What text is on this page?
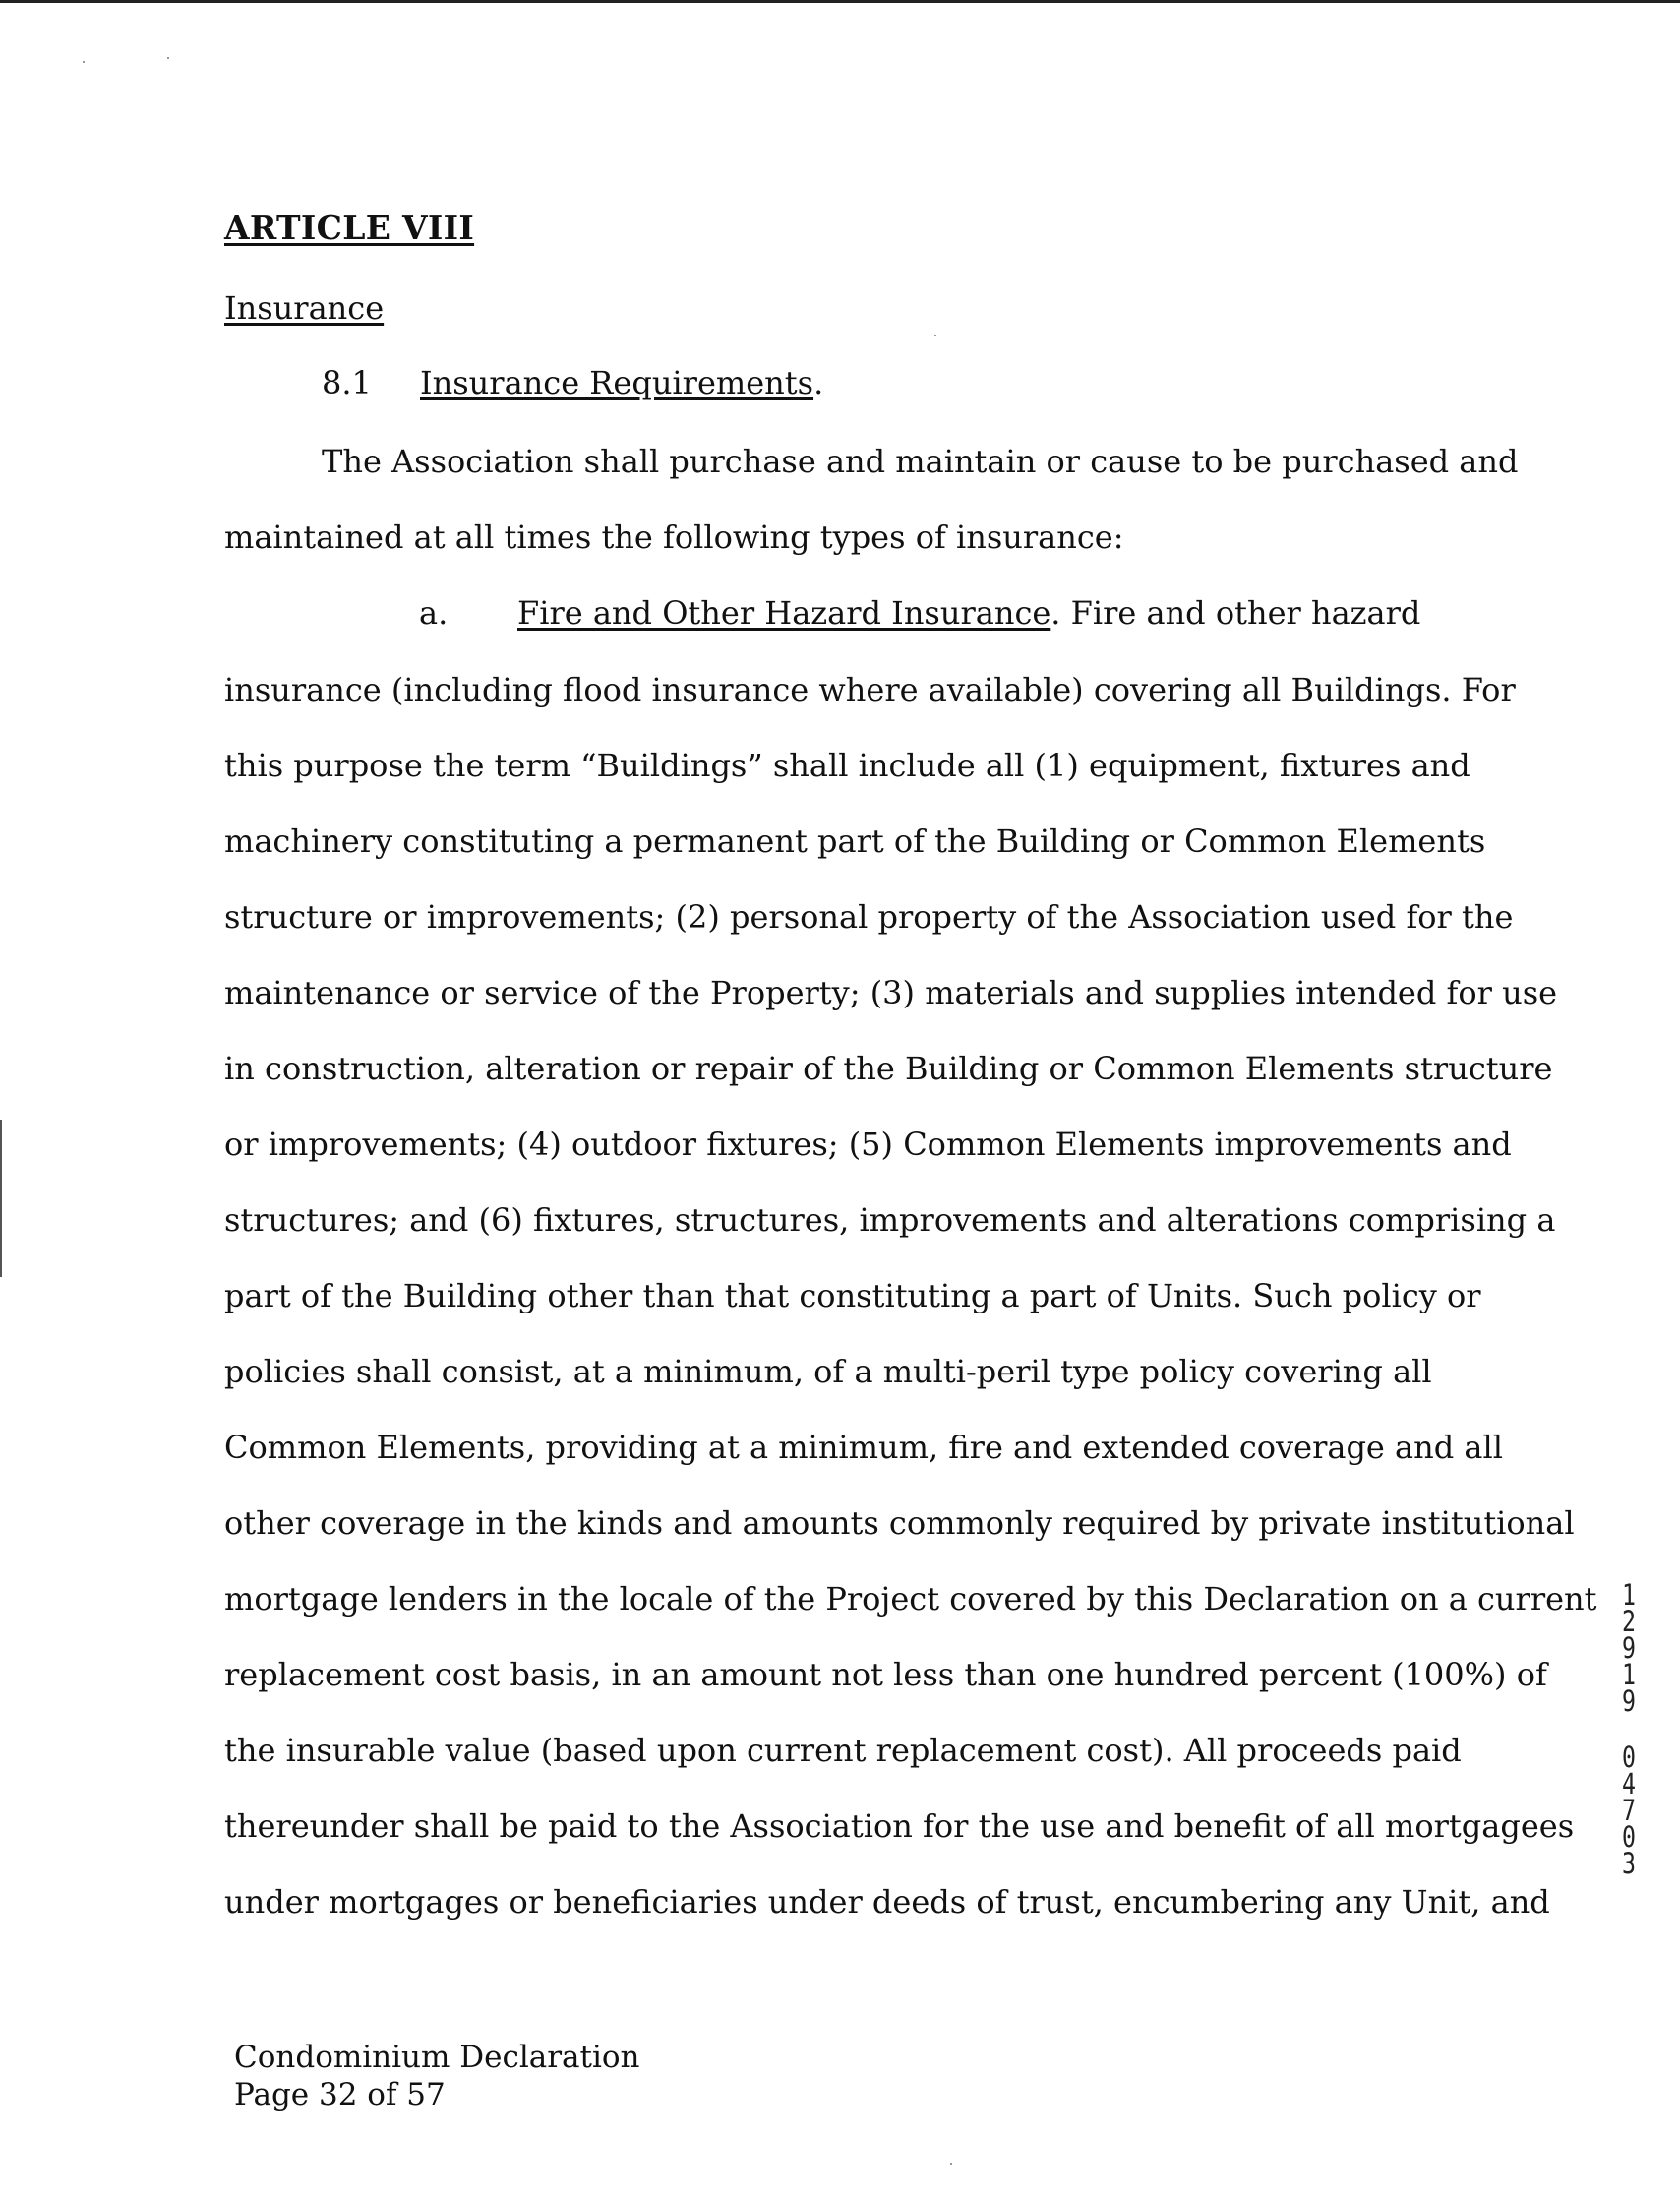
ARTICLE VIII
Insurance
8.1 Insurance Requirements.
The Association shall purchase and maintain or cause to be purchased and
maintained at all times the following types of insurance:
a. Fire and Other Hazard Insurance. Fire and other hazard
insurance (including flood insurance where available) covering all Buildings. For
this purpose the term “Buildings” shall include all (1) equipment, fixtures and
machinery constituting a permanent part of the Building or Common Elements
structure or improvements; (2) personal property of the Association used for the
maintenance or service of the Property; (3) materials and supplies intended for use
in construction, alteration or repair of the Building or Common Elements structure
or improvements; (4) outdoor fixtures; (5) Common Elements improvements and
structures; and (6) fixtures, structures, improvements and alterations comprising a
part of the Building other than that constituting a part of Units. Such policy or
policies shall consist, at a minimum, of a multi-peril type policy covering all
Common Elements, providing at a minimum, fire and extended coverage and all
other coverage in the kinds and amounts commonly required by private institutional
mortgage lenders in the locale of the Project covered by this Declaration on a current
replacement cost basis, in an amount not less than one hundred percent (100%) of
the insurable value (based upon current replacement cost). All proceeds paid
thereunder shall be paid to the Association for the use and benefit of all mortgagees
under mortgages or beneficiaries under deeds of trust, encumbering any Unit, and
Condominium Declaration
Page 32 of 57
1
2
9
1
9
0
4
7
0
3
